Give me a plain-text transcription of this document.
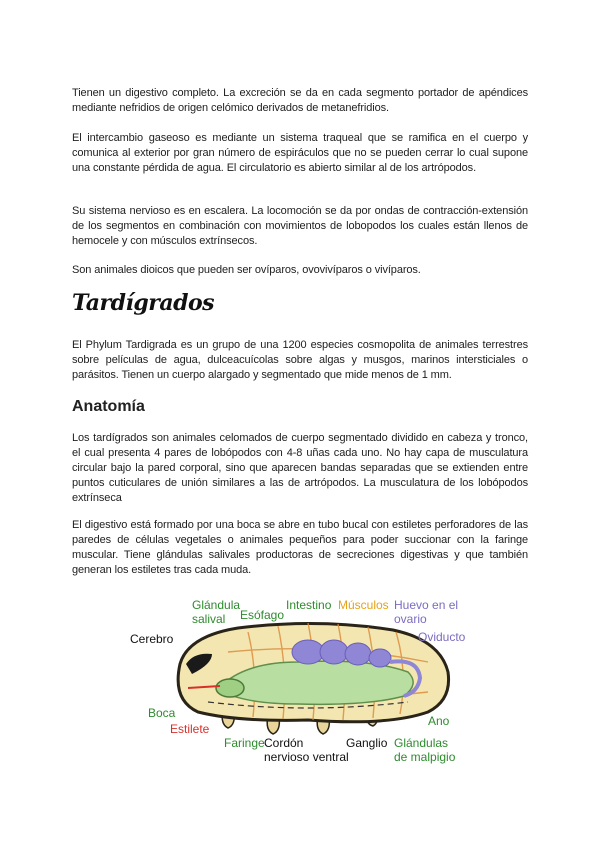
Tienen un digestivo completo. La excreción se da en cada segmento portador de apéndices mediante nefridios de origen celómico derivados de metanefridios.

El intercambio gaseoso es mediante un sistema traqueal que se ramifica en el cuerpo y comunica al exterior por gran número de espiráculos que no se pueden cerrar lo cual supone una constante pérdida de agua. El circulatorio es abierto similar al de los artrópodos.

Su sistema nervioso es en escalera. La locomoción se da por ondas de contracción-extensión de los segmentos en combinación con movimientos de lobopodos los cuales están llenos de hemocele y con músculos extrínsecos.

Son animales dioicos que pueden ser ovíparos, ovovivíparos o vivíparos.

Tardígrados

El Phylum Tardigrada es un grupo de una 1200 especies cosmopolita de animales terrestres sobre películas de agua, dulceacuícolas sobre algas y musgos, marinos intersticiales o parásitos. Tienen un cuerpo alargado y segmentado que mide menos de 1 mm.

Anatomía

Los tardígrados son animales celomados de cuerpo segmentado dividido en cabeza y tronco, el cual presenta 4 pares de lobópodos con 4-8 uñas cada uno. No hay capa de musculatura circular bajo la pared corporal, sino que aparecen bandas separadas que se extienden entre puntos cuticulares de unión similares a las de artrópodos. La musculatura de los lobópodos extrínseca

El digestivo está formado por una boca se abre en tubo bucal con estiletes perforadores de las paredes de células vegetales o animales pequeños para poder succionar con la faringe muscular. Tiene glándulas salivales productoras de secreciones digestivas y que también generan los estiletes tras cada muda.

Glándula
salival Esófago
Intestino Músculos Huevo en el
ovario
Oviducto
Cerebro
Boca
Estilete
Faringe Cordón
nervioso ventral
Ganglio Glándulas
de malpigio
Ano
